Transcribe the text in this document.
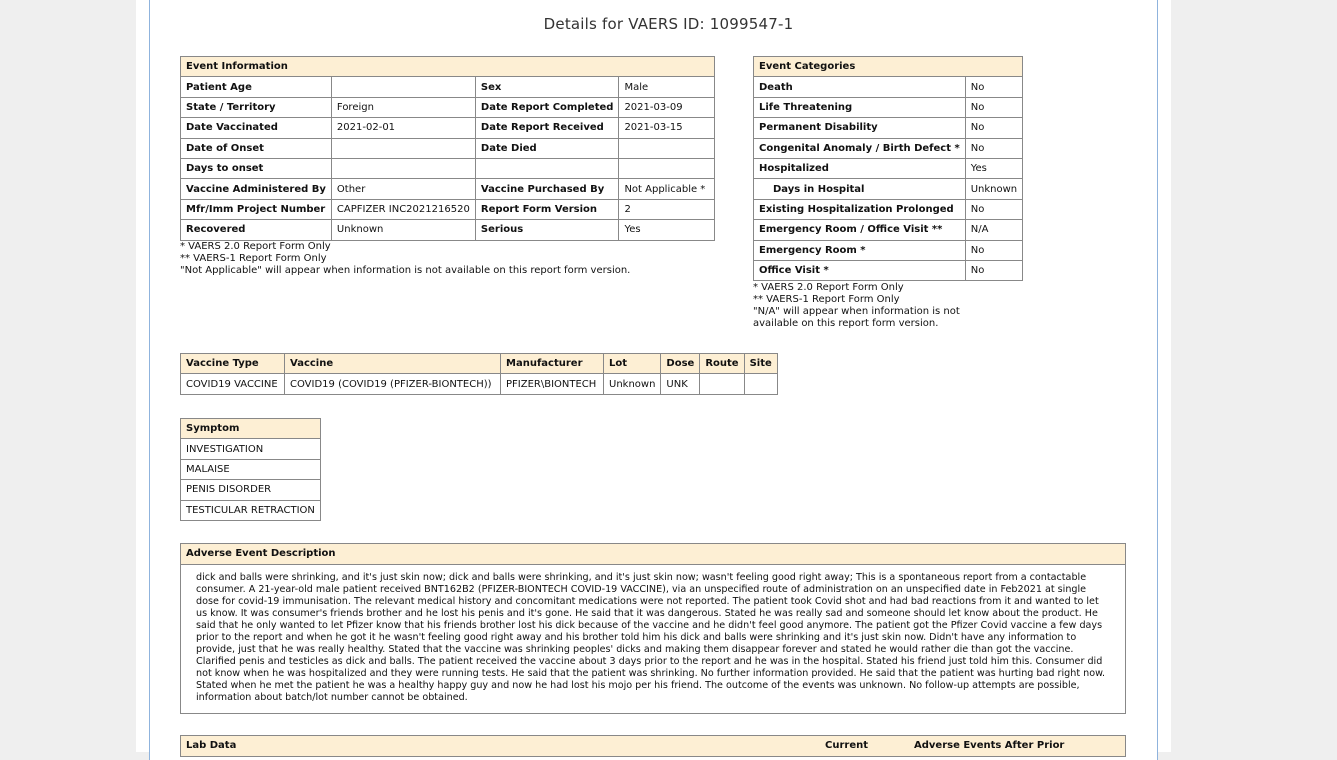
Details for VAERS ID: 1099547-1
Event Information			
Patient Age		Sex	Male
State / Territory	Foreign	Date Report Completed	2021-03-09
Date Vaccinated	2021-02-01	Date Report Received	2021-03-15
Date of Onset		Date Died	
Days to onset			
Vaccine Administered By	Other	Vaccine Purchased By	Not Applicable *
Mfr/Imm Project Number	CAPFIZER INC2021216520	Report Form Version	2
Recovered	Unknown	Serious	Yes
* VAERS 2.0 Report Form Only
** VAERS-1 Report Form Only
"Not Applicable" will appear when information is not available on this report form version.
Event Categories	
Death	No
Life Threatening	No
Permanent Disability	No
Congenital Anomaly / Birth Defect *	No
Hospitalized	Yes
Days in Hospital	Unknown
Existing Hospitalization Prolonged	No
Emergency Room / Office Visit **	N/A
Emergency Room *	No
Office Visit *	No
* VAERS 2.0 Report Form Only
** VAERS-1 Report Form Only
"N/A" will appear when information is not
available on this report form version.
Vaccine Type	Vaccine	Manufacturer	Lot	Dose	Route	Site
COVID19 VACCINE	COVID19 (COVID19 (PFIZER-BIONTECH))	PFIZER\BIONTECH	Unknown	UNK		
Symptom
INVESTIGATION
MALAISE
PENIS DISORDER
TESTICULAR RETRACTION
Adverse Event Description
dick and balls were shrinking, and it's just skin now; dick and balls were shrinking, and it's just skin now; wasn't feeling good right away; This is a spontaneous report from a contactable consumer. A 21-year-old male patient received BNT162B2 (PFIZER-BIONTECH COVID-19 VACCINE), via an unspecified route of administration on an unspecified date in Feb2021 at single dose for covid-19 immunisation. The relevant medical history and concomitant medications were not reported. The patient took Covid shot and had bad reactions from it and wanted to let us know. It was consumer's friends brother and he lost his penis and it's gone. He said that it was dangerous. Stated he was really sad and someone should let know about the product. He said that he only wanted to let Pfizer know that his friends brother lost his dick because of the vaccine and he didn't feel good anymore. The patient got the Pfizer Covid vaccine a few days prior to the report and when he got it he wasn't feeling good right away and his brother told him his dick and balls were shrinking and it's just skin now. Didn't have any information to provide, just that he was really healthy. Stated that the vaccine was shrinking peoples' dicks and making them disappear forever and stated he would rather die than got the vaccine. Clarified penis and testicles as dick and balls. The patient received the vaccine about 3 days prior to the report and he was in the hospital. Stated his friend just told him this. Consumer did not know when he was hospitalized and they were running tests. He said that the patient was shrinking. No further information provided. He said that the patient was hurting bad right now. Stated when he met the patient he was a healthy happy guy and now he had lost his mojo per his friend. The outcome of the events was unknown. No follow-up attempts are possible, information about batch/lot number cannot be obtained.
Lab Data	Current	Adverse Events After Prior
